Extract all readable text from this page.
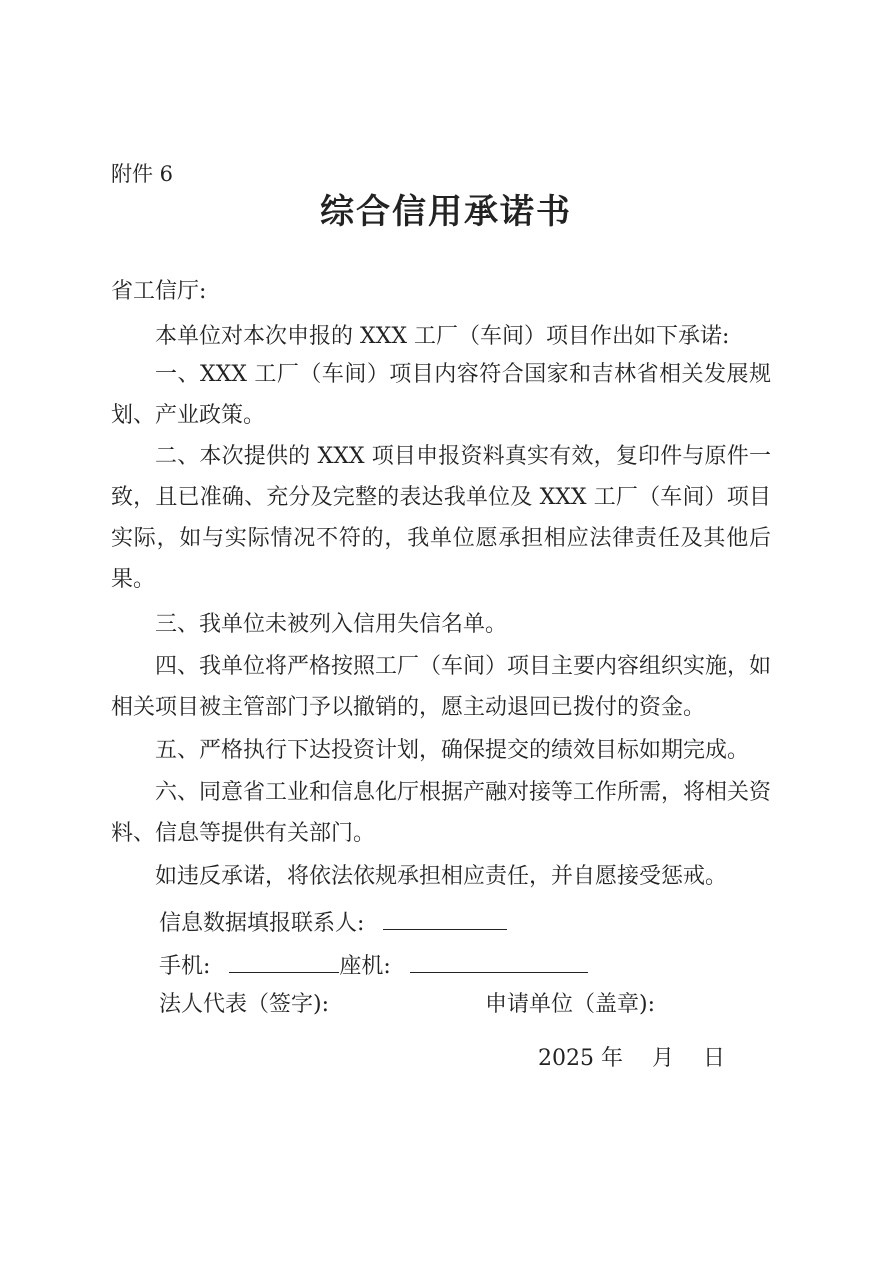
附件 6
综合信用承诺书
省工信厅:

本单位对本次申报的 XXX 工厂（车间）项目作出如下承诺:

一、XXX 工厂（车间）项目内容符合国家和吉林省相关发展规划、产业政策。

二、本次提供的 XXX 项目申报资料真实有效，复印件与原件一致，且已准确、充分及完整的表达我单位及 XXX 工厂（车间）项目实际，如与实际情况不符的，我单位愿承担相应法律责任及其他后果。

三、我单位未被列入信用失信名单。

四、我单位将严格按照工厂（车间）项目主要内容组织实施，如相关项目被主管部门予以撤销的，愿主动退回已拨付的资金。

五、严格执行下达投资计划，确保提交的绩效目标如期完成。

六、同意省工业和信息化厅根据产融对接等工作所需，将相关资料、信息等提供有关部门。

如违反承诺，将依法依规承担相应责任，并自愿接受惩戒。

信息数据填报联系人:
手机:	座机:
法人代表（签字):	申请单位（盖章):
2025 年　 月　 日
